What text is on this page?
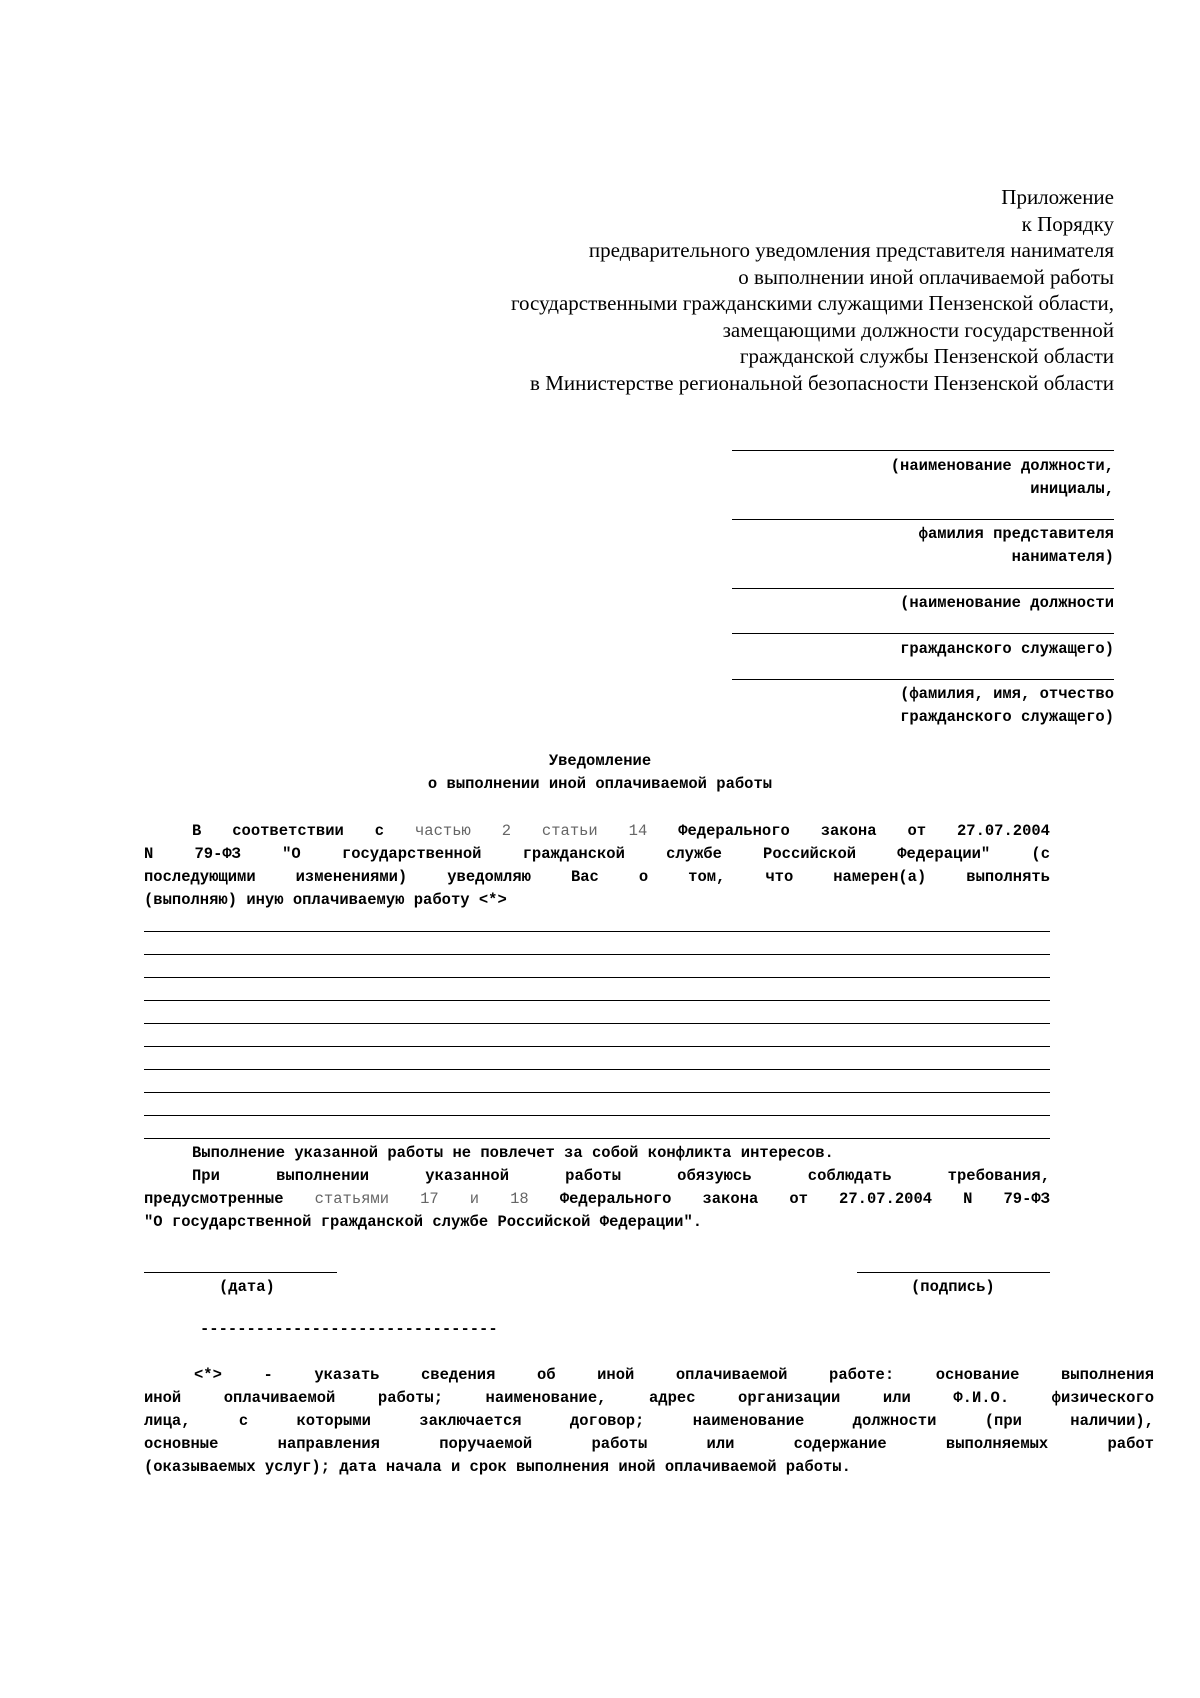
Приложение
к Порядку
предварительного уведомления представителя нанимателя
о выполнении иной оплачиваемой работы
государственными гражданскими служащими Пензенской области,
замещающими должности государственной
гражданской службы Пензенской области
в Министерстве региональной безопасности Пензенской области
(наименование должности,
инициалы,
фамилия представителя
нанимателя)
(наименование должности
гражданского служащего)
(фамилия, имя, отчество
гражданского служащего)
Уведомление
о выполнении иной оплачиваемой работы
В соответствии с частью 2 статьи 14 Федерального закона от 27.07.2004
N 79-ФЗ "О государственной гражданской службе Российской Федерации" (с
последующими изменениями) уведомляю Вас о том, что намерен(а) выполнять
(выполняю) иную оплачиваемую работу <*>
Выполнение указанной работы не повлечет за собой конфликта интересов.
При выполнении указанной работы обязуюсь соблюдать требования,
предусмотренные статьями 17 и 18 Федерального закона от 27.07.2004 N 79-ФЗ
"О государственной гражданской службе Российской Федерации".
(дата)	(подпись)
--------------------------------
<*> - указать сведения об иной оплачиваемой работе: основание выполнения
иной оплачиваемой работы; наименование, адрес организации или Ф.И.О. физического
лица, с которыми заключается договор; наименование должности (при наличии),
основные направления поручаемой работы или содержание выполняемых работ
(оказываемых услуг); дата начала и срок выполнения иной оплачиваемой работы.
